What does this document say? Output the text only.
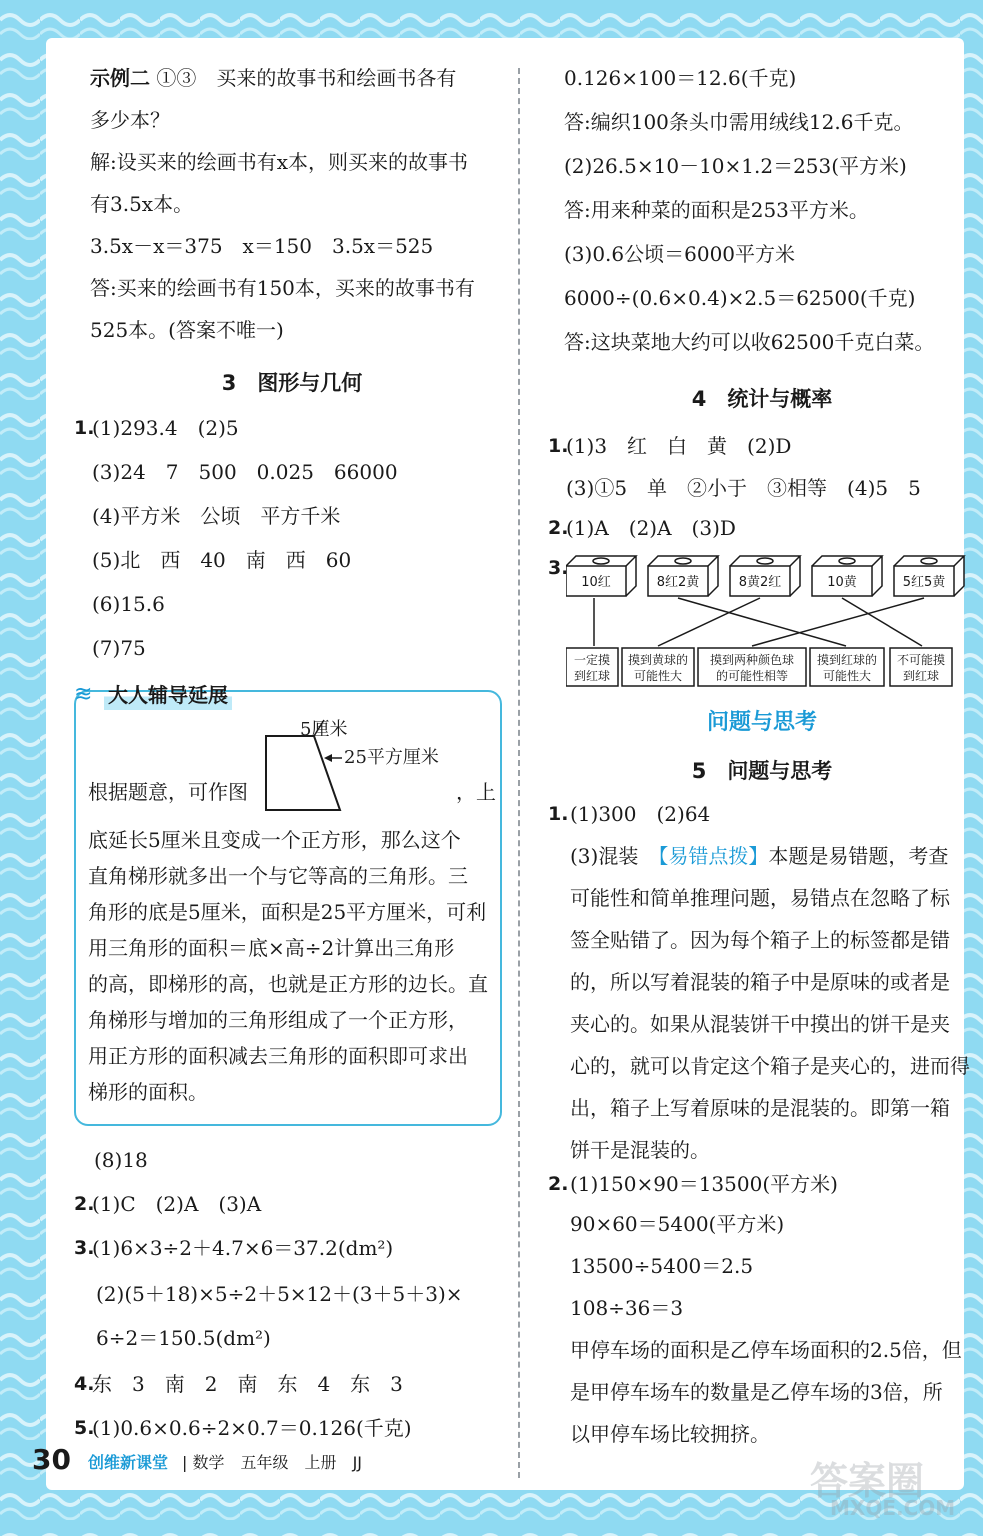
示例二 ①③　买来的故事书和绘画书各有
多少本？
解:设买来的绘画书有x本，则买来的故事书
有3.5x本。
3.5x－x＝375　x＝150　3.5x＝525
答:买来的绘画书有150本，买来的故事书有
525本。(答案不唯一)
3　 图形与几何
1.
(1)293.4　(2)5
(3)24　7　500　0.025　66000
(4)平方米　公顷　平方千米
(5)北　西　40　南　西　60
(6)15.6
(7)75
≋ 大人辅导延展
5厘米
25平方厘米
根据题意，可作图	，上
底延长5厘米且变成一个正方形，那么这个
直角梯形就多出一个与它等高的三角形。三
角形的底是5厘米，面积是25平方厘米，可利
用三角形的面积＝底×高÷2计算出三角形
的高，即梯形的高，也就是正方形的边长。直
角梯形与增加的三角形组成了一个正方形，
用正方形的面积减去三角形的面积即可求出
梯形的面积。
(8)18
2.
(1)C　(2)A　(3)A
3.
(1)6×3÷2＋4.7×6＝37.2(dm²)
(2)(5＋18)×5÷2＋5×12＋(3＋5＋3)×
6÷2＝150.5(dm²)
4.
东　3　南　2　南　东　4　东　3
5.
(1)0.6×0.6÷2×0.7＝0.126(千克)
0.126×100＝12.6(千克)
答:编织100条头巾需用绒线12.6千克。
(2)26.5×10－10×1.2＝253(平方米)
答:用来种菜的面积是253平方米。
(3)0.6公顷＝6000平方米
6000÷(0.6×0.4)×2.5＝62500(千克)
答:这块菜地大约可以收62500千克白菜。
4　 统计与概率
1.
(1)3　红　白　黄　(2)D
(3)①5　单　②小于　③相等　(4)5　5
2.
(1)A　(2)A　(3)D
3.
10红	8红2黄	8黄2红	10黄	5红5黄
一定摸
到红球
摸到黄球的
可能性大
摸到两种颜色球
的可能性相等
摸到红球的
可能性大
不可能摸
到红球
问题与思考
5　 问题与思考
1. (1)300　(2)64
(3)混装　 【易错点拨】本题是易错题，考查
可能性和简单推理问题，易错点在忽略了标
签全贴错了。因为每个箱子上的标签都是错
的，所以写着混装的箱子中是原味的或者是
夹心的。如果从混装饼干中摸出的饼干是夹
心的，就可以肯定这个箱子是夹心的，进而得
出，箱子上写着原味的是混装的。即第一箱
饼干是混装的。
2. (1)150×90＝13500(平方米)
90×60＝5400(平方米)
13500÷5400＝2.5
108÷36＝3
甲停车场的面积是乙停车场面积的2.5倍，但
是甲停车场车的数量是乙停车场的3倍，所
以甲停车场比较拥挤。
30 创维新课堂 | 数学　 五年级　 上册　 JJ	答案圈
MXQE.COM
